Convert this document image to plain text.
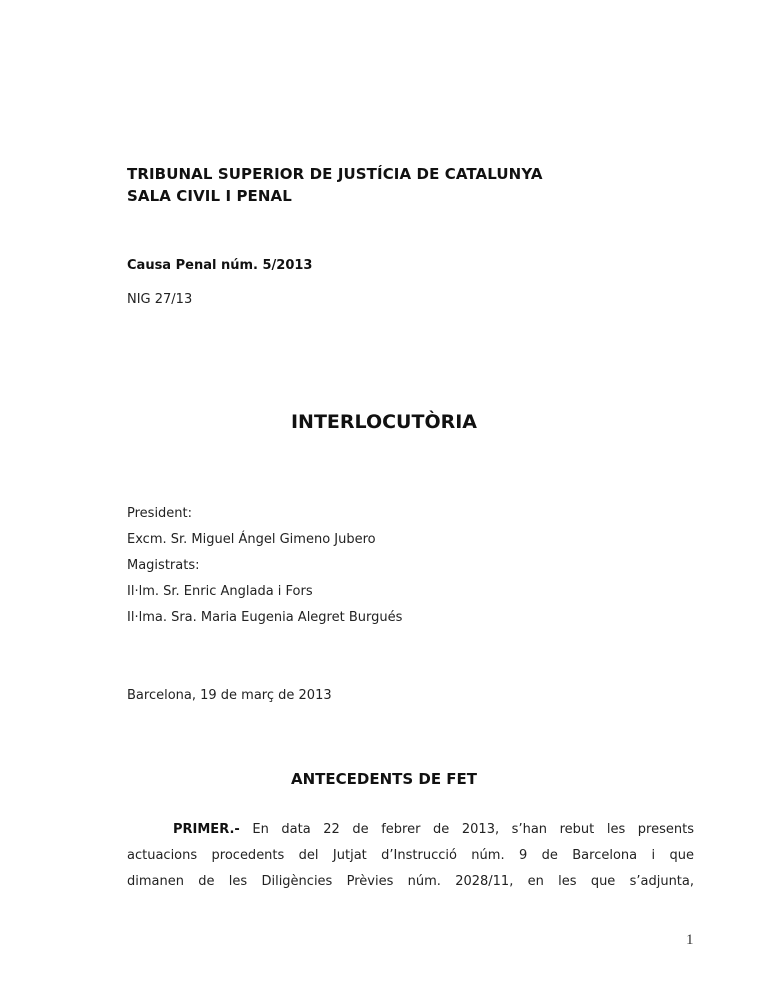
TRIBUNAL SUPERIOR DE JUSTÍCIA DE CATALUNYA
SALA CIVIL I PENAL
Causa Penal núm. 5/2013
NIG 27/13
INTERLOCUTÒRIA
President:
Excm. Sr. Miguel Ángel Gimeno Jubero
Magistrats:
Il·lm. Sr. Enric Anglada i Fors
Il·lma. Sra. Maria Eugenia Alegret Burgués
Barcelona, 19 de març de 2013
ANTECEDENTS DE FET
PRIMER.- En data 22 de febrer de 2013, s’han rebut les presents
actuacions procedents del Jutjat d’Instrucció núm. 9 de Barcelona i que
dimanen de les Diligències Prèvies núm. 2028/11, en les que s’adjunta,
1
